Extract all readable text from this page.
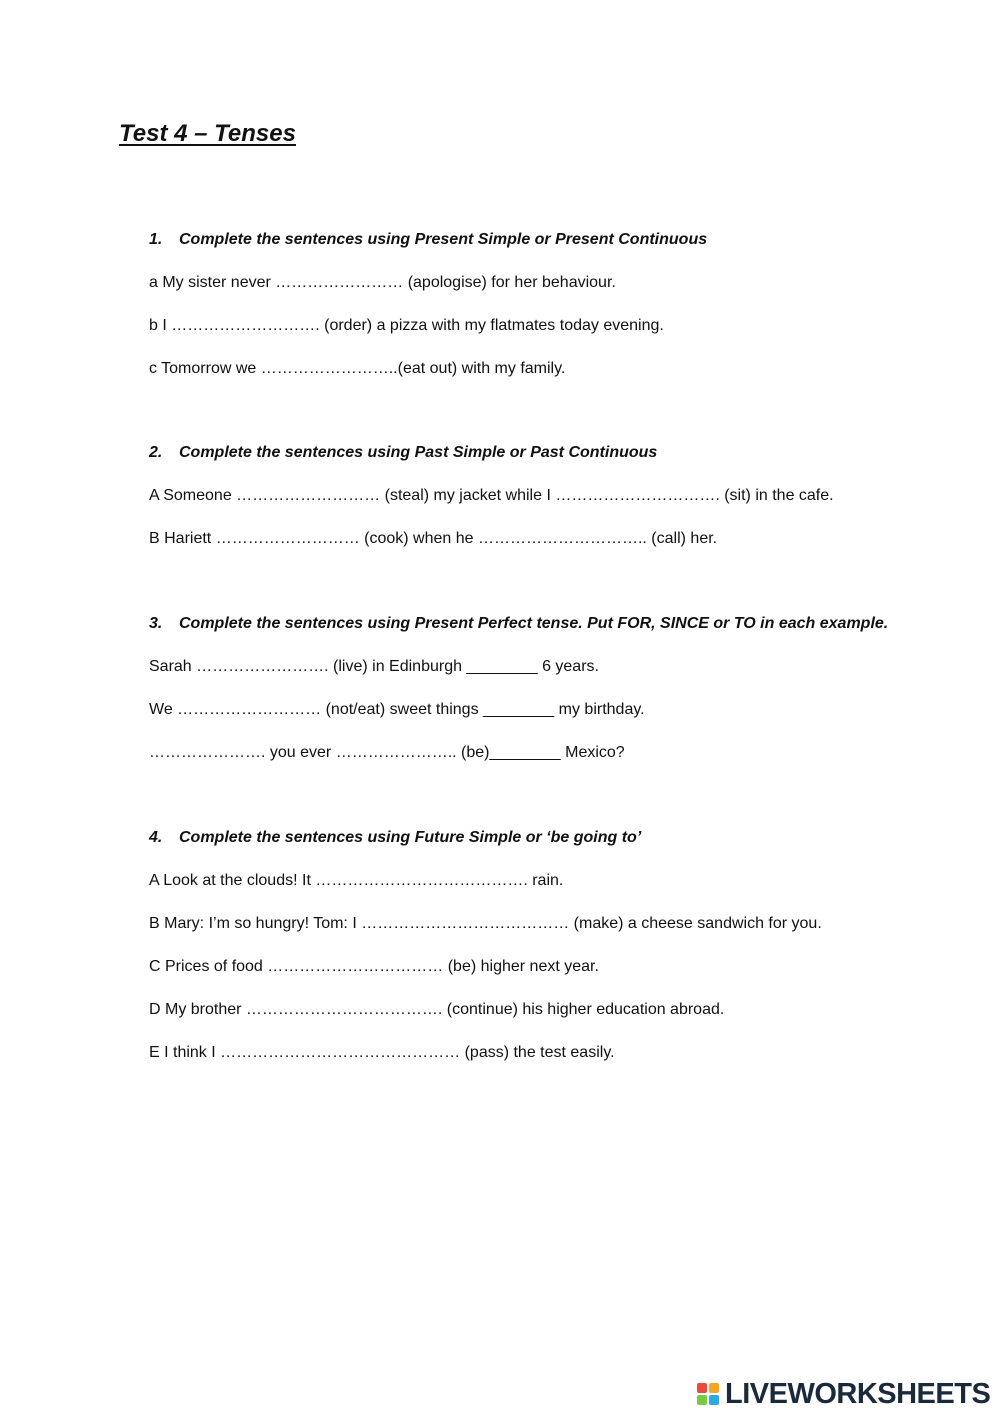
Test 4 – Tenses
1.	Complete the sentences using Present Simple or Present Continuous
a My sister never …………………… (apologise) for her behaviour.
b I ………………………. (order) a pizza with my flatmates today evening.
c Tomorrow we ……………………..(eat out) with my family.
2.	Complete the sentences using Past Simple or Past Continuous
A Someone ……………………… (steal) my jacket while I …………………………. (sit) in the cafe.
B Hariett ……………………… (cook) when he ………………………….. (call) her.
3.	Complete the sentences using Present Perfect tense. Put FOR, SINCE or TO in each example.
Sarah ……………………. (live) in Edinburgh ________ 6 years.
We ……………………… (not/eat) sweet things ________ my birthday.
…………………. you ever ………………….. (be)________ Mexico?
4.	Complete the sentences using Future Simple or ‘be going to’
A Look at the clouds! It …………………………………. rain.
B Mary: I’m so hungry! Tom: I ………………………………… (make) a cheese sandwich for you.
C Prices of food …………………………… (be) higher next year.
D My brother ………………………………. (continue) his higher education abroad.
E I think I ……………………………………… (pass) the test easily.
LIVEWORKSHEETS
